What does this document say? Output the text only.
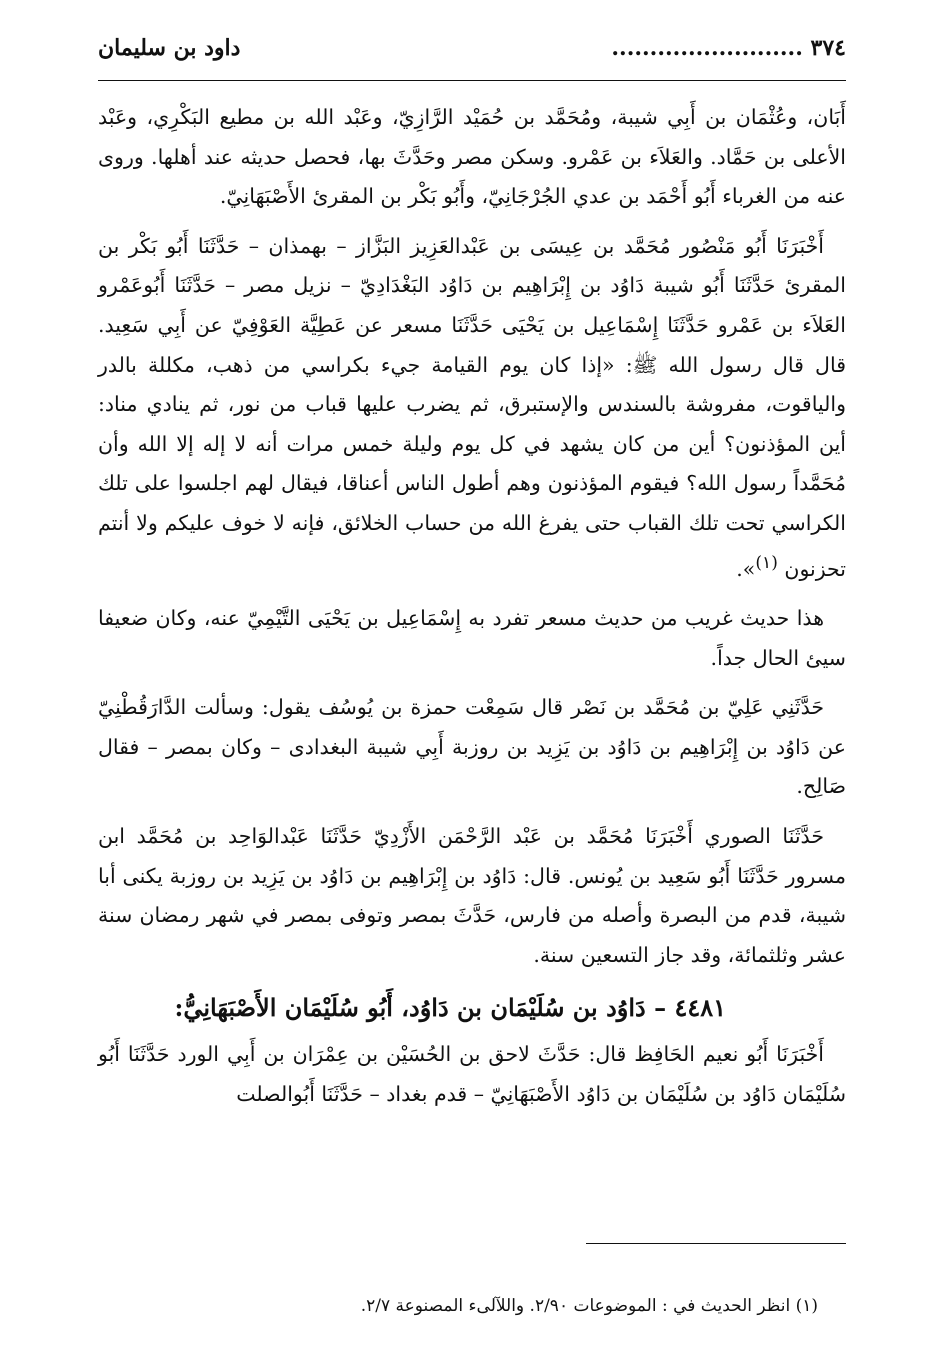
٣٧٤ .........................
داود بن سليمان

أَبَان، وعُثْمَان بن أَبِي شيبة، ومُحَمَّد بن حُمَيْد الرَّازِيّ، وعَبْد الله بن مطيع البَكْرِي، وعَبْد الأعلى بن حَمَّاد. والعَلاَء بن عَمْرو. وسكن مصر وحَدَّثَ بها، فحصل حديثه عند أهلها. وروى عنه من الغرباء أَبُو أَحْمَد بن عدي الجُرْجَانِيّ، وأَبُو بَكْر بن المقرئ الأَصْبَهَانِيّ.

أَخْبَرَنَا أَبُو مَنْصُور مُحَمَّد بن عِيسَى بن عَبْدالعَزِيز البَزَّاز – بهمذان – حَدَّثَنَا أَبُو بَكْر بن المقرئ حَدَّثَنَا أَبُو شيبة دَاوُد بن إِبْرَاهِيم بن دَاوُد البَغْدَادِيّ – نزيل مصر – حَدَّثَنَا أَبُوعَمْرو العَلاَء بن عَمْرو حَدَّثَنَا إِسْمَاعِيل بن يَحْيَى حَدَّثَنَا مسعر عن عَطِيَّة العَوْفِيّ عن أَبِي سَعِيد. قال قال رسول الله ﷺ: «إذا كان يوم القيامة جيء بكراسي من ذهب، مكللة بالدر والياقوت، مفروشة بالسندس والإستبرق، ثم يضرب عليها قباب من نور، ثم ينادي مناد: أين المؤذنون؟ أين من كان يشهد في كل يوم وليلة خمس مرات أنه لا إله إلا الله وأن مُحَمَّداً رسول الله؟ فيقوم المؤذنون وهم أطول الناس أعناقا، فيقال لهم اجلسوا على تلك الكراسي تحت تلك القباب حتى يفرغ الله من حساب الخلائق، فإنه لا خوف عليكم ولا أنتم تحزنون $^{(١)}$».

هذا حديث غريب من حديث مسعر تفرد به إِسْمَاعِيل بن يَحْيَى التَّيْمِيّ عنه، وكان ضعيفا سيئ الحال جداً.

حَدَّثَنِي عَلِيّ بن مُحَمَّد بن نَصْر قال سَمِعْت حمزة بن يُوسُف يقول: وسألت الدَّارَقُطْنِيّ عن دَاوُد بن إِبْرَاهِيم بن دَاوُد بن يَزِيد بن روزبة أَبِي شيبة البغدادى – وكان بمصر – فقال صَالِح.

حَدَّثَنَا الصوري أَخْبَرَنَا مُحَمَّد بن عَبْد الرَّحْمَن الأَزْدِيّ حَدَّثَنَا عَبْدالوَاحِد بن مُحَمَّد ابن مسرور حَدَّثَنَا أَبُو سَعِيد بن يُونس. قال: دَاوُد بن إِبْرَاهِيم بن دَاوُد بن يَزِيد بن روزبة يكنى أبا شيبة، قدم من البصرة وأصله من فارس، حَدَّثَ بمصر وتوفى بمصر في شهر رمضان سنة عشر وثلثمائة، وقد جاز التسعين سنة.

٤٤٨١ – دَاوُد بن سُلَيْمَان بن دَاوُد، أَبُو سُلَيْمَان الأَصْبَهَانِيُّ:

أَخْبَرَنَا أَبُو نعيم الحَافِظ قال: حَدَّثَ لاحق بن الحُسَيْن بن عِمْرَان بن أَبِي الورد حَدَّثَنَا أَبُو سُلَيْمَان دَاوُد بن سُلَيْمَان بن دَاوُد الأَصْبَهَانِيّ – قدم بغداد – حَدَّثَنَا أَبُوالصلت

(١) انظر الحديث في : الموضوعات ٢/٩٠. واللآلىء المصنوعة ٢/٧.
